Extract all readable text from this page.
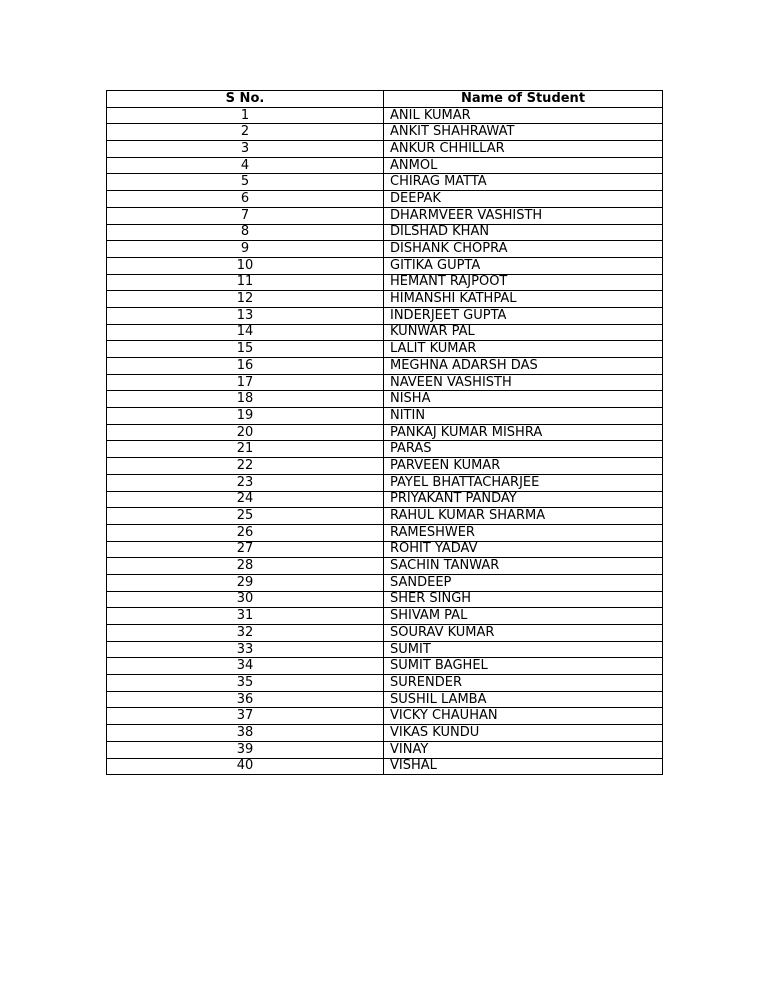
S No.	Name of Student
1	ANIL KUMAR
2	ANKIT SHAHRAWAT
3	ANKUR CHHILLAR
4	ANMOL
5	CHIRAG MATTA
6	DEEPAK
7	DHARMVEER VASHISTH
8	DILSHAD KHAN
9	DISHANK CHOPRA
10	GITIKA GUPTA
11	HEMANT RAJPOOT
12	HIMANSHI KATHPAL
13	INDERJEET GUPTA
14	KUNWAR PAL
15	LALIT KUMAR
16	MEGHNA ADARSH DAS
17	NAVEEN VASHISTH
18	NISHA
19	NITIN
20	PANKAJ KUMAR MISHRA
21	PARAS
22	PARVEEN KUMAR
23	PAYEL BHATTACHARJEE
24	PRIYAKANT PANDAY
25	RAHUL KUMAR SHARMA
26	RAMESHWER
27	ROHIT YADAV
28	SACHIN TANWAR
29	SANDEEP
30	SHER SINGH
31	SHIVAM PAL
32	SOURAV KUMAR
33	SUMIT
34	SUMIT BAGHEL
35	SURENDER
36	SUSHIL LAMBA
37	VICKY CHAUHAN
38	VIKAS KUNDU
39	VINAY
40	VISHAL
